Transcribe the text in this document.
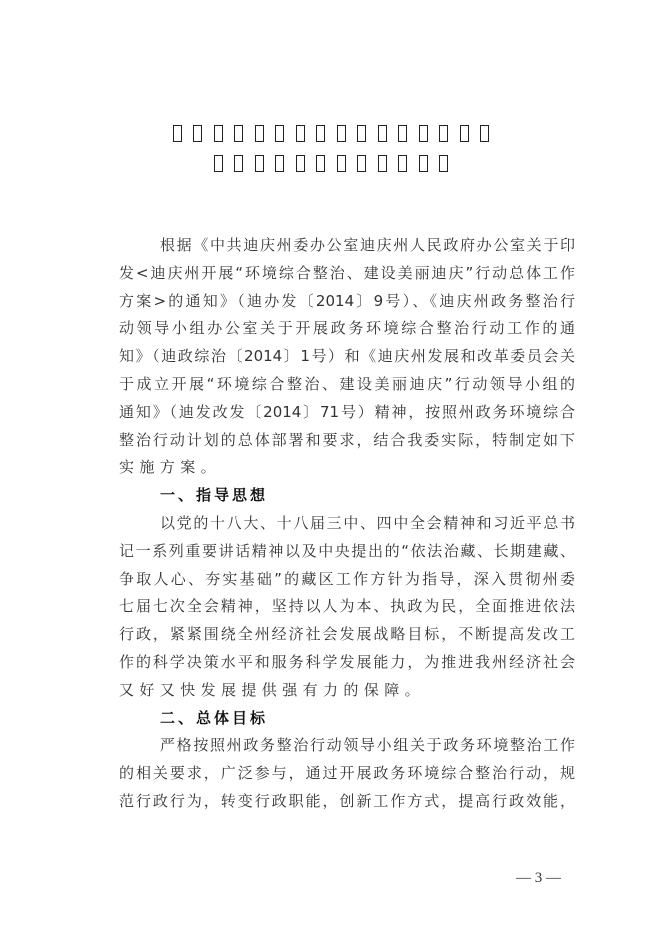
根据《中共迪庆州委办公室迪庆州人民政府办公室关于印
发<迪庆州开展“环境综合整治、建设美丽迪庆”行动总体工作
方案>的通知》（迪办发〔2014〕9号）、《迪庆州政务整治行
动领导小组办公室关于开展政务环境综合整治行动工作的通
知》（迪政综治〔2014〕1号）和《迪庆州发展和改革委员会关
于成立开展“环境综合整治、建设美丽迪庆”行动领导小组的
通知》（迪发改发〔2014〕71号）精神，按照州政务环境综合
整治行动计划的总体部署和要求，结合我委实际，特制定如下
实施方案。
一、指导思想
以党的十八大、十八届三中、四中全会精神和习近平总书
记一系列重要讲话精神以及中央提出的“依法治藏、长期建藏、
争取人心、夯实基础”的藏区工作方针为指导，深入贯彻州委
七届七次全会精神，坚持以人为本、执政为民，全面推进依法
行政，紧紧围绕全州经济社会发展战略目标，不断提高发改工
作的科学决策水平和服务科学发展能力，为推进我州经济社会
又好又快发展提供强有力的保障。
二、总体目标
严格按照州政务整治行动领导小组关于政务环境整治工作
的相关要求，广泛参与，通过开展政务环境综合整治行动，规
范行政行为，转变行政职能，创新工作方式，提高行政效能，
— 3 —
